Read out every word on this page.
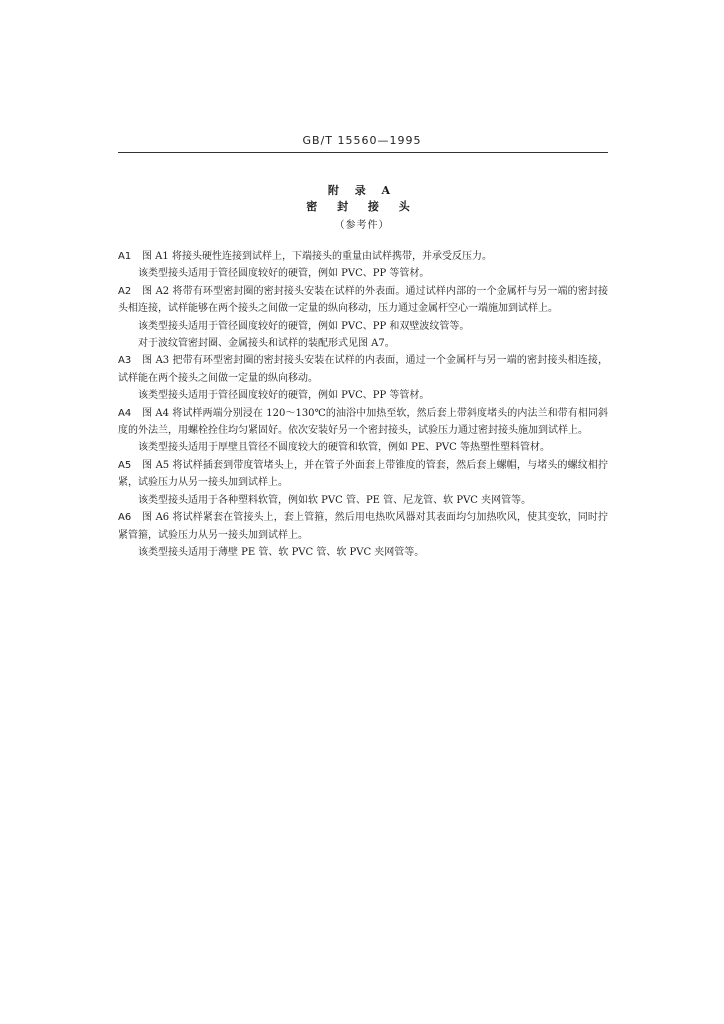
GB/T 15560—1995
附 录 A
密 封 接 头
（参考件）

A1 图 A1 将接头硬性连接到试样上，下端接头的重量由试样携带，并承受反压力。

该类型接头适用于管径圆度较好的硬管，例如 PVC、PP 等管材。

A2 图 A2 将带有环型密封圈的密封接头安装在试样的外表面。通过试样内部的一个金属杆与另一端的密封接头相连接，试样能够在两个接头之间做一定量的纵向移动，压力通过金属杆空心一端施加到试样上。

该类型接头适用于管径圆度较好的硬管，例如 PVC、PP 和双壁波纹管等。

对于波纹管密封圈、金属接头和试样的装配形式见图 A7。

A3 图 A3 把带有环型密封圈的密封接头安装在试样的内表面，通过一个金属杆与另一端的密封接头相连接，试样能在两个接头之间做一定量的纵向移动。

该类型接头适用于管径圆度较好的硬管，例如 PVC、PP 等管材。

A4 图 A4 将试样两端分别浸在 120～130℃的油浴中加热至软，然后套上带斜度堵头的内法兰和带有相同斜度的外法兰，用螺栓拴住均匀紧固好。依次安装好另一个密封接头，试验压力通过密封接头施加到试样上。

该类型接头适用于厚壁且管径不圆度较大的硬管和软管，例如 PE、PVC 等热塑性塑料管材。

A5 图 A5 将试样插套到带度管堵头上，并在管子外面套上带锥度的管套，然后套上螺帽，与堵头的螺纹相拧紧，试验压力从另一接头加到试样上。

该类型接头适用于各种塑料软管，例如软 PVC 管、PE 管、尼龙管、软 PVC 夹网管等。

A6 图 A6 将试样紧套在管接头上，套上管箍，然后用电热吹风器对其表面均匀加热吹风，使其变软，同时拧紧管箍，试验压力从另一接头加到试样上。

该类型接头适用于薄壁 PE 管、软 PVC 管、软 PVC 夹网管等。
